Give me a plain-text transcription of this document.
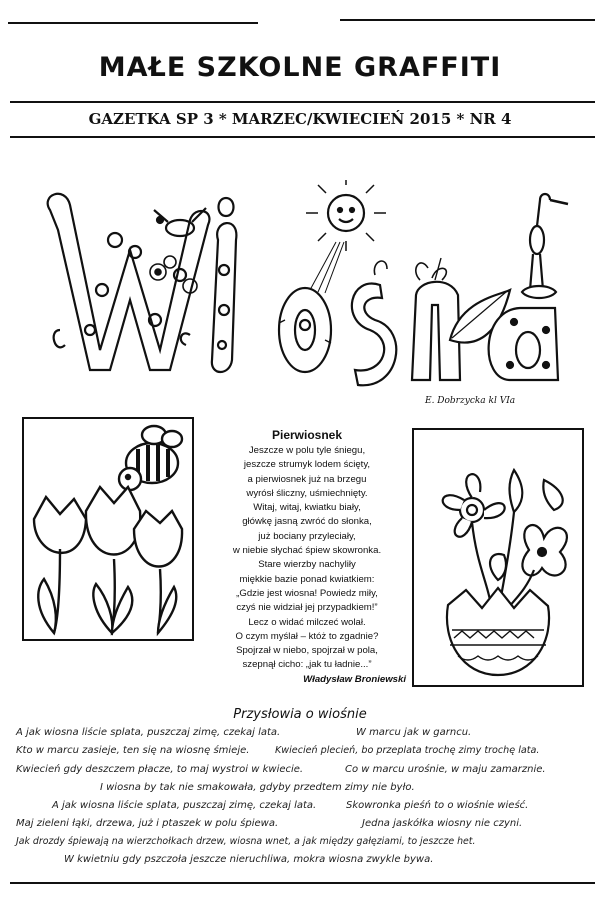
MAŁE SZKOLNE GRAFFITI
GAZETKA SP 3 * MARZEC/KWIECIEŃ 2015 * NR 4
E. Dobrzycka kl VIa
Pierwiosnek
Jeszcze w polu tyle śniegu,
jeszcze strumyk lodem ścięty,
a pierwiosnek już na brzegu
wyrósł śliczny, uśmiechnięty.
Witaj, witaj, kwiatku biały,
główkę jasną zwróć do słonka,
już bociany przyleciały,
w niebie słychać śpiew skowronka.
Stare wierzby nachyliły
miękkie bazie ponad kwiatkiem:
„Gdzie jest wiosna! Powiedz miły,
czyś nie widział jej przypadkiem!”
Lecz o widać milczeć wolał.
O czym myślał – któż to zgadnie?
Spojrzał w niebo, spojrzał w pola,
szepnął cicho: „jak tu ładnie...”
Władysław Broniewski
Przysłowia o wiośnie
A jak wiosna liście splata, puszczaj zimę, czekaj lata.	W marcu jak w garncu.
Kto w marcu zasieje, ten się na wiosnę śmieje.	Kwiecień plecień, bo przeplata trochę zimy trochę lata.
Kwiecień gdy deszczem płacze, to maj wystroi w kwiecie.	Co w marcu urośnie, w maju zamarznie.
I wiosna by tak nie smakowała, gdyby przedtem zimy nie było.
A jak wiosna liście splata, puszczaj zimę, czekaj lata.	Skowronka pieśń to o wiośnie wieść.
Maj zieleni łąki, drzewa, już i ptaszek w polu śpiewa.	Jedna jaskółka wiosny nie czyni.
Jak drozdy śpiewają na wierzchołkach drzew, wiosna wnet, a jak między gałęziami, to jeszcze het.
W kwietniu gdy pszczoła jeszcze nieruchliwa, mokra wiosna zwykle bywa.
